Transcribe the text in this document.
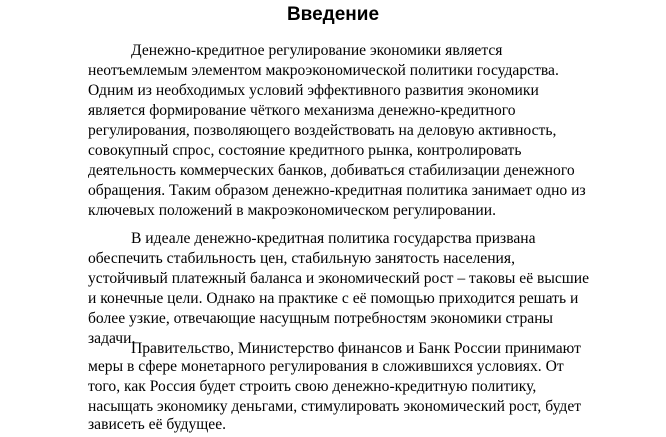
Введение
Денежно-кредитное регулирование экономики является
неотъемлемым элементом макроэкономической политики государства.
Одним из необходимых условий эффективного развития экономики
является формирование чёткого механизма денежно-кредитного
регулирования, позволяющего воздействовать на деловую активность,
совокупный спрос, состояние кредитного рынка, контролировать
деятельность коммерческих банков, добиваться стабилизации денежного
обращения. Таким образом денежно-кредитная политика занимает одно из
ключевых положений в макроэкономическом регулировании.
В идеале денежно-кредитная политика государства призвана
обеспечить стабильность цен, стабильную занятость населения,
устойчивый платежный баланса и экономический рост – таковы её высшие
и конечные цели. Однако на практике с её помощью приходится решать и
более узкие, отвечающие насущным потребностям экономики страны
задачи.
Правительство, Министерство финансов и Банк России принимают
меры в сфере монетарного регулирования в сложившихся условиях. От
того, как Россия будет строить свою денежно-кредитную политику,
насыщать экономику деньгами, стимулировать экономический рост, будет
зависеть её будущее.
